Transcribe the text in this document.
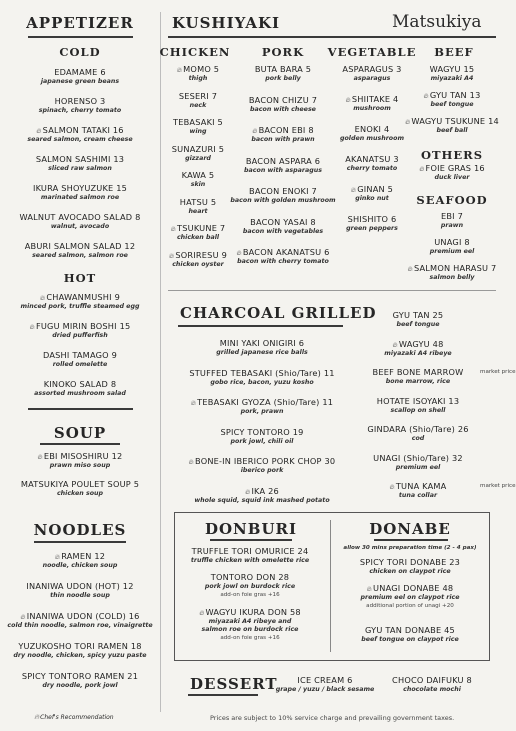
Matsukiya
APPETIZER
COLD
EDAMAME 6
japanese green beans
HORENSO 3
spinach, cherry tomato
🔥︎SALMON TATAKI 16
seared salmon, cream cheese
SALMON SASHIMI 13
sliced raw salmon
IKURA SHOYUZUKE 15
marinated salmon roe
WALNUT AVOCADO SALAD 8
walnut, avocado
ABURI SALMON SALAD 12
seared salmon, salmon roe
HOT
🔥︎CHAWANMUSHI 9
minced pork, truffle steamed egg
🔥︎FUGU MIRIN BOSHI 15
dried pufferfish
DASHI TAMAGO 9
rolled omelette
KINOKO SALAD 8
assorted mushroom salad
SOUP
🔥︎EBI MISOSHIRU 12
prawn miso soup
MATSUKIYA POULET SOUP 5
chicken soup
NOODLES
🔥︎RAMEN 12
noodle, chicken soup
INANIWA UDON (HOT) 12
thin noodle soup
🔥︎INANIWA UDON (COLD) 16
cold thin noodle, salmon roe, vinaigrette
YUZUKOSHO TORI RAMEN 18
dry noodle, chicken, spicy yuzu paste
SPICY TONTORO RAMEN 21
dry noodle, pork jowl
🔥︎Chef's Recommendation
KUSHIYAKI
CHICKEN	PORK VEGETABLE BEEF
OTHERS
SEAFOOD
🔥︎MOMO 5
thigh
SESERI 7
neck
TEBASAKI 5
wing
SUNAZURI 5
gizzard
KAWA 5
skin
HATSU 5
heart
🔥︎TSUKUNE 7
chicken ball
🔥︎SORIRESU 9
chicken oyster
BUTA BARA 5
pork belly
BACON CHIZU 7
bacon with cheese
🔥︎BACON EBI 8
bacon with prawn
BACON ASPARA 6
bacon with asparagus
BACON ENOKI 7
bacon with golden mushroom
BACON YASAI 8
bacon with vegetables
🔥︎BACON AKANATSU 6
bacon with cherry tomato
ASPARAGUS 3
asparagus
🔥︎SHIITAKE 4
mushroom
ENOKI 4
golden mushroom
AKANATSU 3
cherry tomato
🔥︎GINAN 5
ginko nut
SHISHITO 6
green peppers
WAGYU 15
miyazaki A4
🔥︎GYU TAN 13
beef tongue
🔥︎WAGYU TSUKUNE 14
beef ball
🔥︎FOIE GRAS 16
duck liver
EBI 7
prawn
UNAGI 8
premium eel
🔥︎SALMON HARASU 7
salmon belly
CHARCOAL GRILLED
MINI YAKI ONIGIRI 6
grilled japanese rice balls
STUFFED TEBASAKI (Shio/Tare) 11
gobo rice, bacon, yuzu kosho
🔥︎TEBASAKI GYOZA (Shio/Tare) 11
pork, prawn
SPICY TONTORO 19
pork jowl, chili oil
🔥︎BONE-IN IBERICO PORK CHOP 30
iberico pork
🔥︎IKA 26
whole squid, squid ink mashed potato
GYU TAN 25
beef tongue
🔥︎WAGYU 48
miyazaki A4 ribeye
BEEF BONE MARROW	market price
bone marrow, rice
HOTATE ISOYAKI 13
scallop on shell
GINDARA (Shio/Tare) 26
cod
UNAGI (Shio/Tare) 32
premium eel
🔥︎TUNA KAMA	market price
tuna collar
DONBURI	DONABE
allow 30 mins preparation time (2 - 4 pax)
TRUFFLE TORI OMURICE 24
truffle chicken with omelette rice
TONTORO DON 28
pork jowl on burdock rice
add-on foie gras +16
🔥︎WAGYU IKURA DON 58
miyazaki A4 ribeye and
salmon roe on burdock rice
add-on foie gras +16
SPICY TORI DONABE 23
chicken on claypot rice
🔥︎UNAGI DONABE 48
premium eel on claypot rice
additional portion of unagi +20
GYU TAN DONABE 45
beef tongue on claypot rice
DESSERT ICE CREAM 6
grape / yuzu / black sesame
CHOCO DAIFUKU 8
chocolate mochi
Prices are subject to 10% service charge and prevailing government taxes.
